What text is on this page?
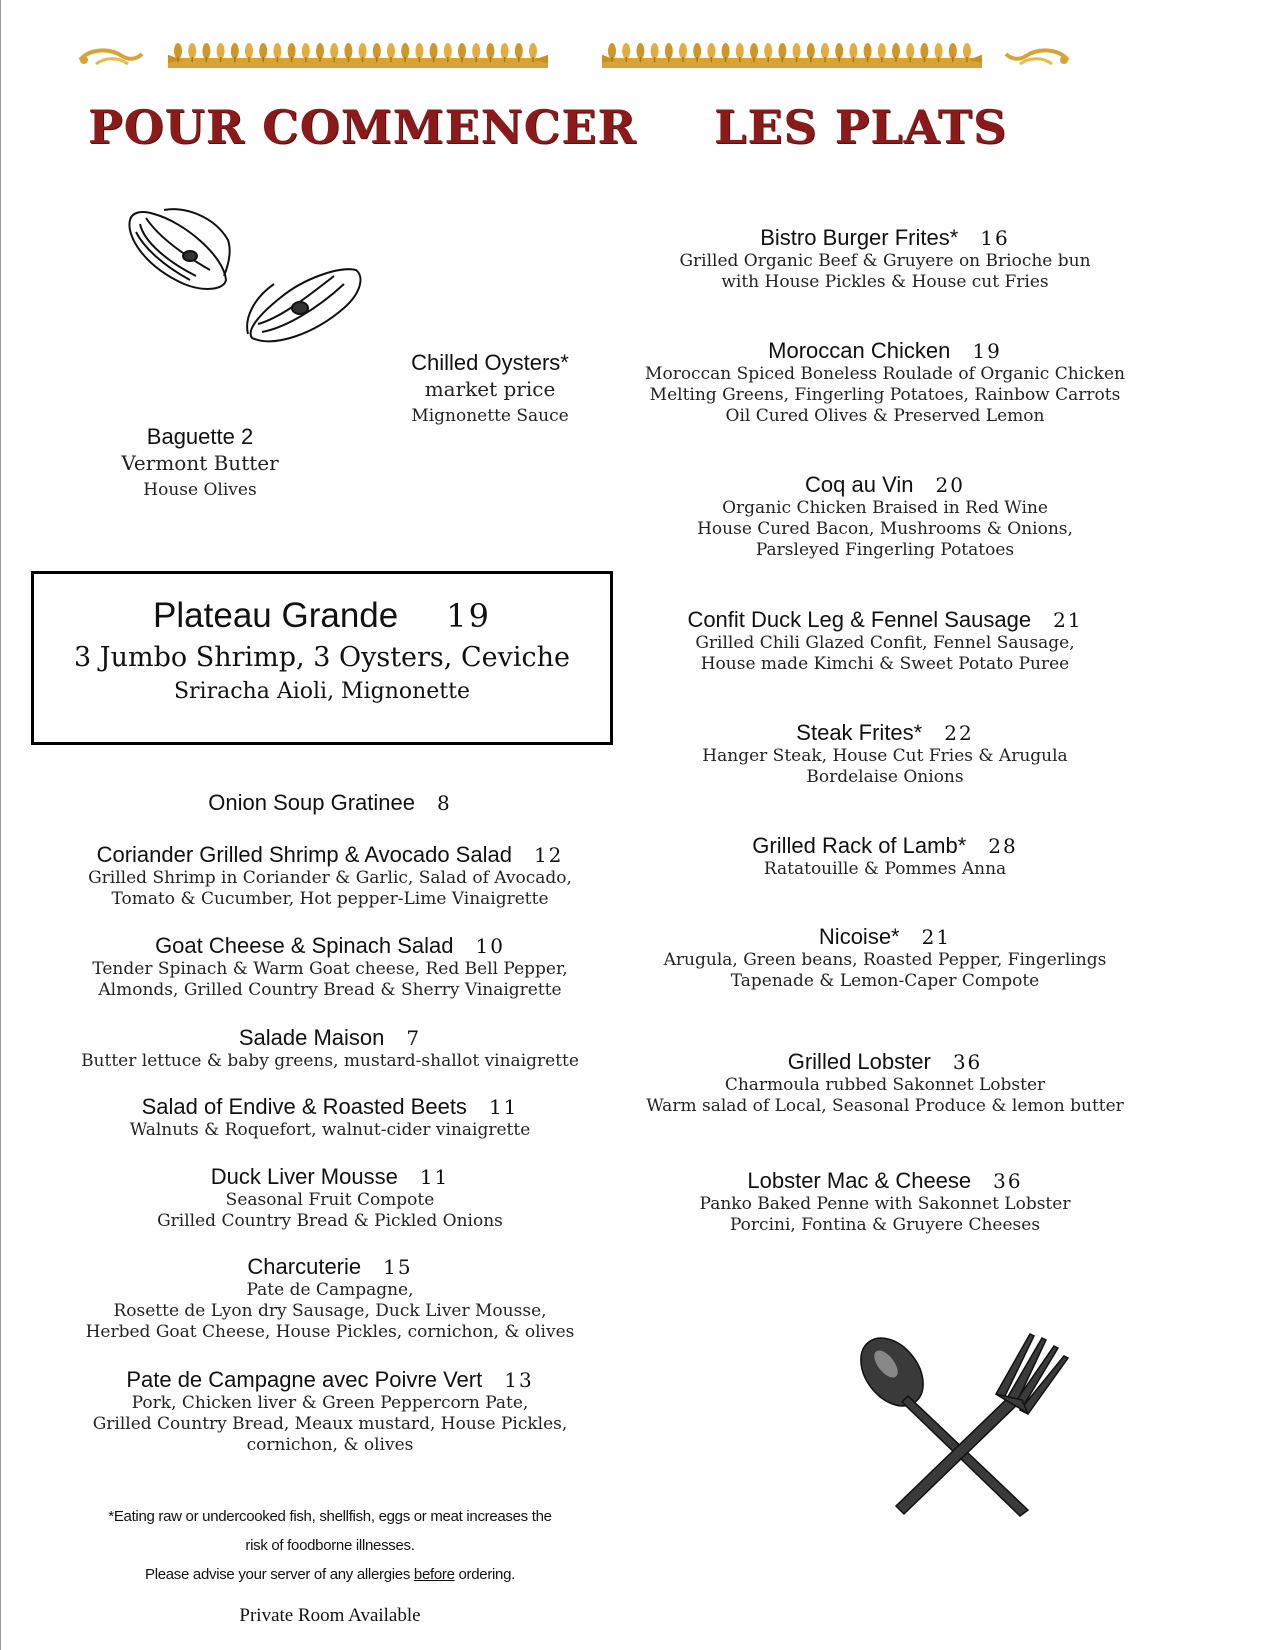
POUR COMMENCER LES PLATS
Chilled Oysters*
market price
Mignonette Sauce
Baguette 2
Vermont Butter
House Olives
Plateau Grande 19
3 Jumbo Shrimp, 3 Oysters, Ceviche
Sriracha Aioli, Mignonette
Onion Soup Gratinee 8
Coriander Grilled Shrimp & Avocado Salad 12
Grilled Shrimp in Coriander & Garlic, Salad of Avocado,
Tomato & Cucumber, Hot pepper-Lime Vinaigrette
Goat Cheese & Spinach Salad 10
Tender Spinach & Warm Goat cheese, Red Bell Pepper,
Almonds, Grilled Country Bread & Sherry Vinaigrette
Salade Maison 7
Butter lettuce & baby greens, mustard-shallot vinaigrette
Salad of Endive & Roasted Beets 11
Walnuts & Roquefort, walnut-cider vinaigrette
Duck Liver Mousse 11
Seasonal Fruit Compote
Grilled Country Bread & Pickled Onions
Charcuterie 15
Pate de Campagne,
Rosette de Lyon dry Sausage, Duck Liver Mousse,
Herbed Goat Cheese, House Pickles, cornichon, & olives
Pate de Campagne avec Poivre Vert 13
Pork, Chicken liver & Green Peppercorn Pate,
Grilled Country Bread, Meaux mustard, House Pickles,
cornichon, & olives
Bistro Burger Frites* 16
Grilled Organic Beef & Gruyere on Brioche bun
with House Pickles & House cut Fries
Moroccan Chicken 19
Moroccan Spiced Boneless Roulade of Organic Chicken
Melting Greens, Fingerling Potatoes, Rainbow Carrots
Oil Cured Olives & Preserved Lemon
Coq au Vin 20
Organic Chicken Braised in Red Wine
House Cured Bacon, Mushrooms & Onions,
Parsleyed Fingerling Potatoes
Confit Duck Leg & Fennel Sausage 21
Grilled Chili Glazed Confit, Fennel Sausage,
House made Kimchi & Sweet Potato Puree
Steak Frites* 22
Hanger Steak, House Cut Fries & Arugula
Bordelaise Onions
Grilled Rack of Lamb* 28
Ratatouille & Pommes Anna
Nicoise* 21
Arugula, Green beans, Roasted Pepper, Fingerlings
Tapenade & Lemon-Caper Compote
Grilled Lobster 36
Charmoula rubbed Sakonnet Lobster
Warm salad of Local, Seasonal Produce & lemon butter
Lobster Mac & Cheese 36
Panko Baked Penne with Sakonnet Lobster
Porcini, Fontina & Gruyere Cheeses
*Eating raw or undercooked fish, shellfish, eggs or meat increases the
risk of foodborne illnesses.
Please advise your server of any allergies before ordering.
Private Room Available
